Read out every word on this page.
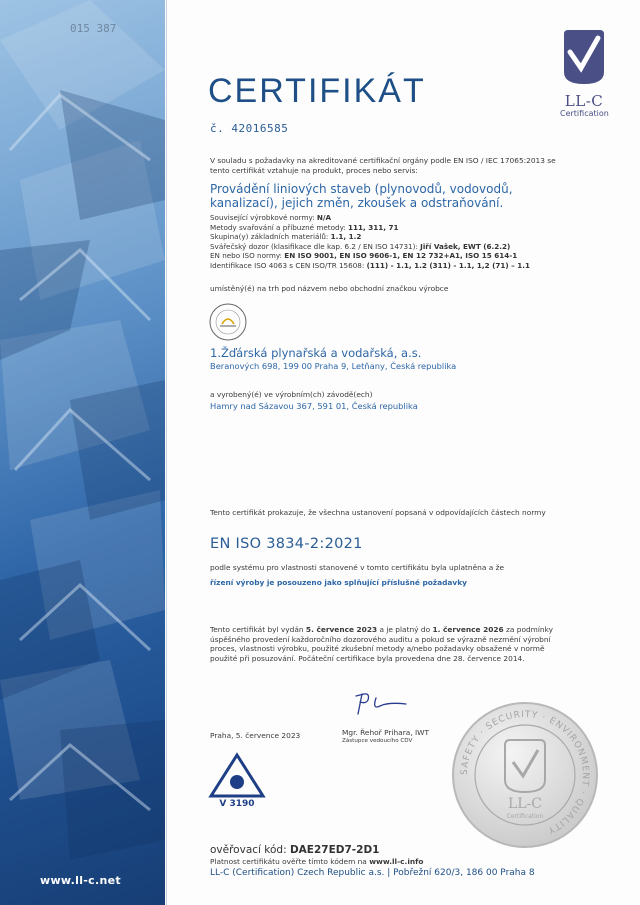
015 387
www.ll-c.net
LL-C
Certification
CERTIFIKÁT
č. 42016585
V souladu s požadavky na akreditované certifikační orgány podle EN ISO / IEC 17065:2013 se tento certifikát vztahuje na produkt, proces nebo servis:
Provádění liniových staveb (plynovodů, vodovodů, kanalizací), jejich změn, zkoušek a odstraňování.
Související výrobkové normy: N/A
Metody svařování a příbuzné metody: 111, 311, 71
Skupina(y) základních materiálů: 1.1, 1.2
Svářečský dozor (klasifikace dle kap. 6.2 / EN ISO 14731): Jiří Vašek, EWT (6.2.2)
EN nebo ISO normy: EN ISO 9001, EN ISO 9606-1, EN 12 732+A1, ISO 15 614-1
Identifikace ISO 4063 s CEN ISO/TR 15608: (111) - 1.1, 1.2 (311) - 1.1, 1,2 (71) – 1.1
umístěný(é) na trh pod názvem nebo obchodní značkou výrobce
1.Žďárská plynařská a vodařská, a.s.
Beranových 698, 199 00 Praha 9, Letňany, Česká republika
a vyrobený(é) ve výrobním(ch) závodě(ech)
Hamry nad Sázavou 367, 591 01, Česká republika
Tento certifikát prokazuje, že všechna ustanovení popsaná v odpovídajících částech normy
EN ISO 3834-2:2021
podle systému pro vlastnosti stanovené v tomto certifikátu byla uplatněna a že
řízení výroby je posouzeno jako splňující příslušné požadavky
Tento certifikát byl vydán 5. července 2023 a je platný do 1. července 2026 za podmínky úspěšného provedení každoročního dozorového auditu a pokud se výrazně nezmění výrobní proces, vlastnosti výrobku, použité zkušební metody a/nebo požadavky obsažené v normě použité při posuzování. Počáteční certifikace byla provedena dne 28. července 2014.
Praha, 5. července 2023	Mgr. Řehoř Prihara, IWT
Zástupce vedoucího CDV
V 3190
SAFETY · SECURITY · ENVIRONMENT · QUALITY
LL-C
Certification
ověřovací kód: DAE27ED7-2D1
Platnost certifikátu ověřte tímto kódem na www.ll-c.info
LL-C (Certification) Czech Republic a.s. | Pobřežní 620/3, 186 00 Praha 8
